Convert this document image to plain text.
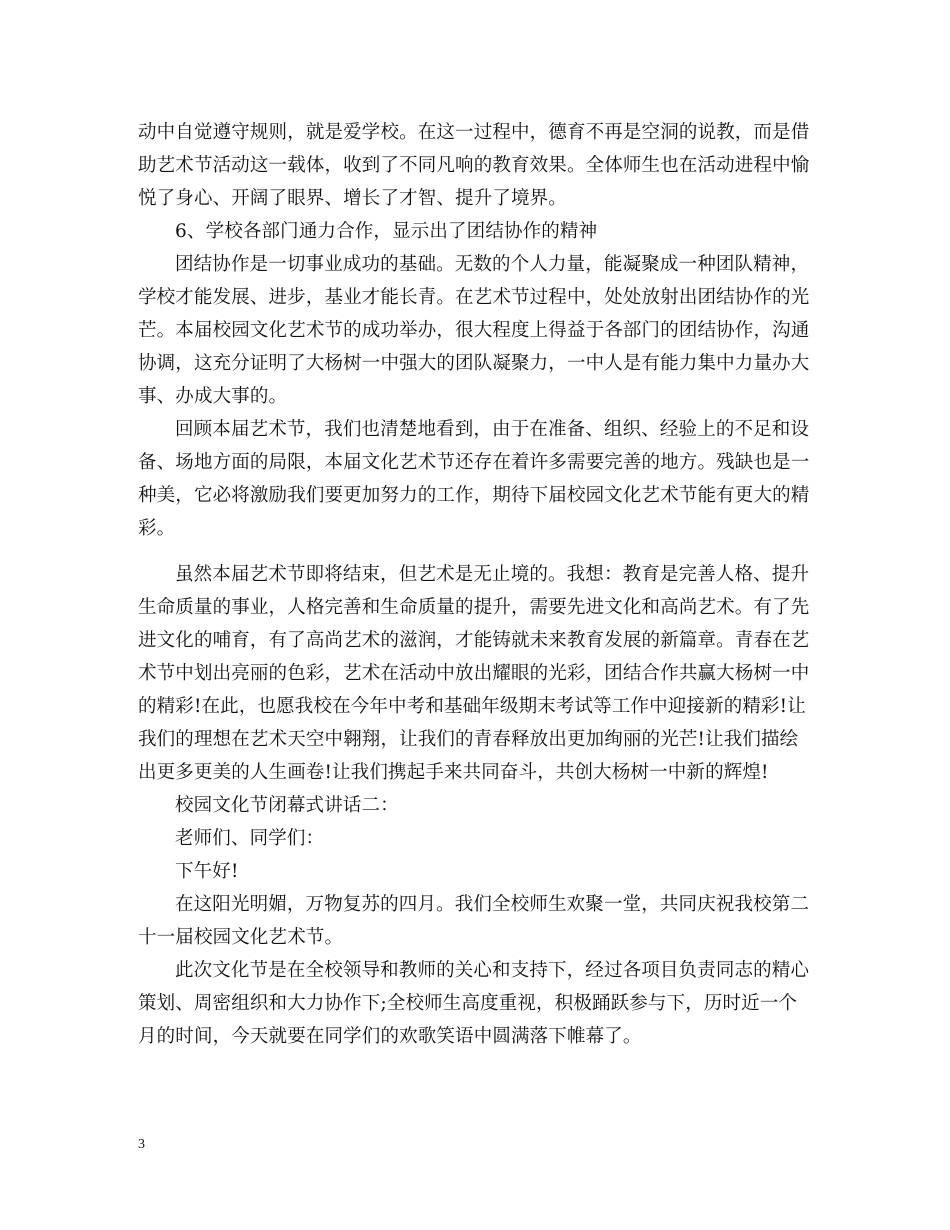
动中自觉遵守规则，就是爱学校。在这一过程中，德育不再是空洞的说教，而是借
助艺术节活动这一载体，收到了不同凡响的教育效果。全体师生也在活动进程中愉
悦了身心、开阔了眼界、增长了才智、提升了境界。
6、学校各部门通力合作，显示出了团结协作的精神
团结协作是一切事业成功的基础。无数的个人力量，能凝聚成一种团队精神，
学校才能发展、进步，基业才能长青。在艺术节过程中，处处放射出团结协作的光
芒。本届校园文化艺术节的成功举办，很大程度上得益于各部门的团结协作，沟通
协调，这充分证明了大杨树一中强大的团队凝聚力，一中人是有能力集中力量办大
事、办成大事的。
回顾本届艺术节，我们也清楚地看到，由于在准备、组织、经验上的不足和设
备、场地方面的局限，本届文化艺术节还存在着许多需要完善的地方。残缺也是一
种美，它必将激励我们要更加努力的工作，期待下届校园文化艺术节能有更大的精
彩。
虽然本届艺术节即将结束，但艺术是无止境的。我想：教育是完善人格、提升
生命质量的事业，人格完善和生命质量的提升，需要先进文化和高尚艺术。有了先
进文化的哺育，有了高尚艺术的滋润，才能铸就未来教育发展的新篇章。青春在艺
术节中划出亮丽的色彩，艺术在活动中放出耀眼的光彩，团结合作共赢大杨树一中
的精彩!在此，也愿我校在今年中考和基础年级期末考试等工作中迎接新的精彩!让
我们的理想在艺术天空中翱翔，让我们的青春释放出更加绚丽的光芒!让我们描绘
出更多更美的人生画卷!让我们携起手来共同奋斗，共创大杨树一中新的辉煌!
校园文化节闭幕式讲话二：
老师们、同学们：
下午好!
在这阳光明媚，万物复苏的四月。我们全校师生欢聚一堂，共同庆祝我校第二
十一届校园文化艺术节。
此次文化节是在全校领导和教师的关心和支持下，经过各项目负责同志的精心
策划、周密组织和大力协作下;全校师生高度重视，积极踊跃参与下，历时近一个
月的时间，今天就要在同学们的欢歌笑语中圆满落下帷幕了。
3
